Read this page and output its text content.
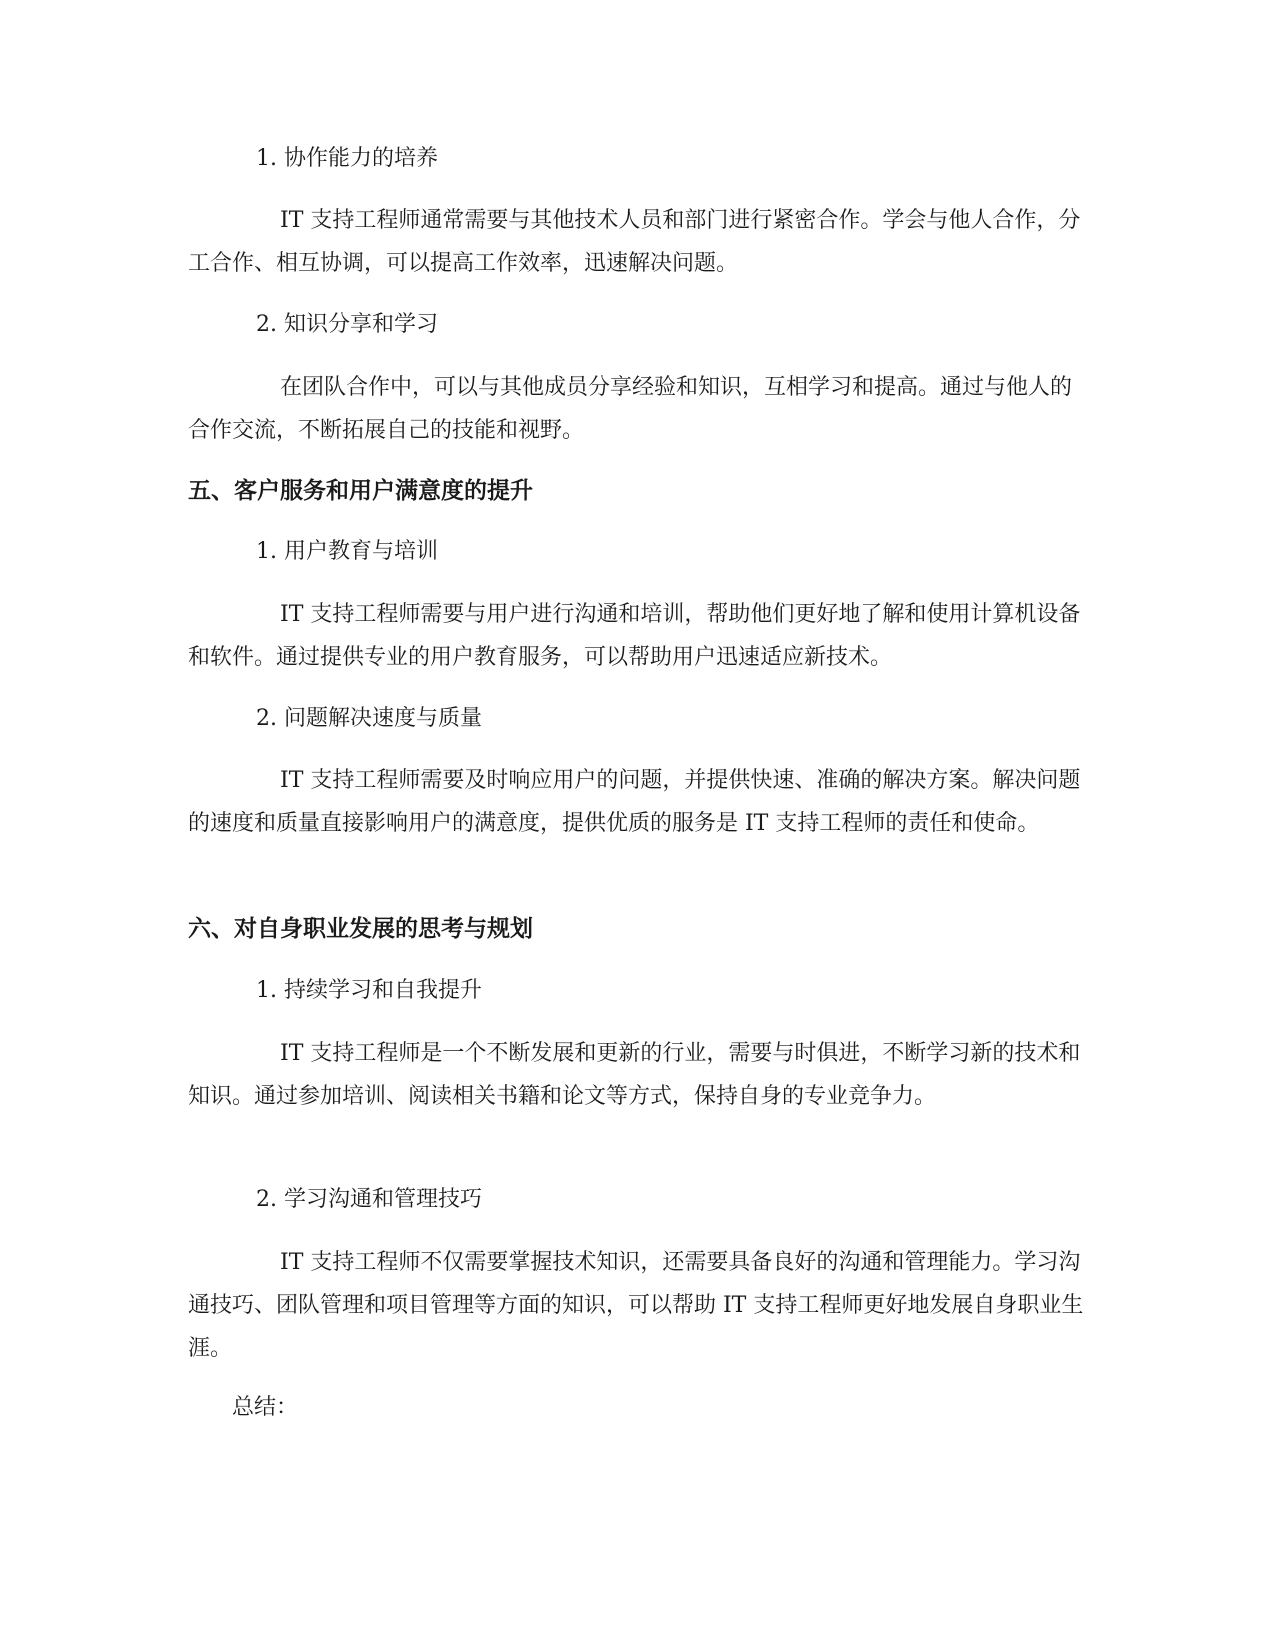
1. 协作能力的培养

IT 支持工程师通常需要与其他技术人员和部门进行紧密合作。学会与他人合作，分工合作、相互协调，可以提高工作效率，迅速解决问题。

2. 知识分享和学习

在团队合作中，可以与其他成员分享经验和知识，互相学习和提高。通过与他人的合作交流，不断拓展自己的技能和视野。

五、客户服务和用户满意度的提升

1. 用户教育与培训

IT 支持工程师需要与用户进行沟通和培训，帮助他们更好地了解和使用计算机设备和软件。通过提供专业的用户教育服务，可以帮助用户迅速适应新技术。

2. 问题解决速度与质量

IT 支持工程师需要及时响应用户的问题，并提供快速、准确的解决方案。解决问题的速度和质量直接影响用户的满意度，提供优质的服务是 IT 支持工程师的责任和使命。

六、对自身职业发展的思考与规划

1. 持续学习和自我提升

IT 支持工程师是一个不断发展和更新的行业，需要与时俱进，不断学习新的技术和知识。通过参加培训、阅读相关书籍和论文等方式，保持自身的专业竞争力。

2. 学习沟通和管理技巧

IT 支持工程师不仅需要掌握技术知识，还需要具备良好的沟通和管理能力。学习沟通技巧、团队管理和项目管理等方面的知识，可以帮助 IT 支持工程师更好地发展自身职业生涯。

总结：
